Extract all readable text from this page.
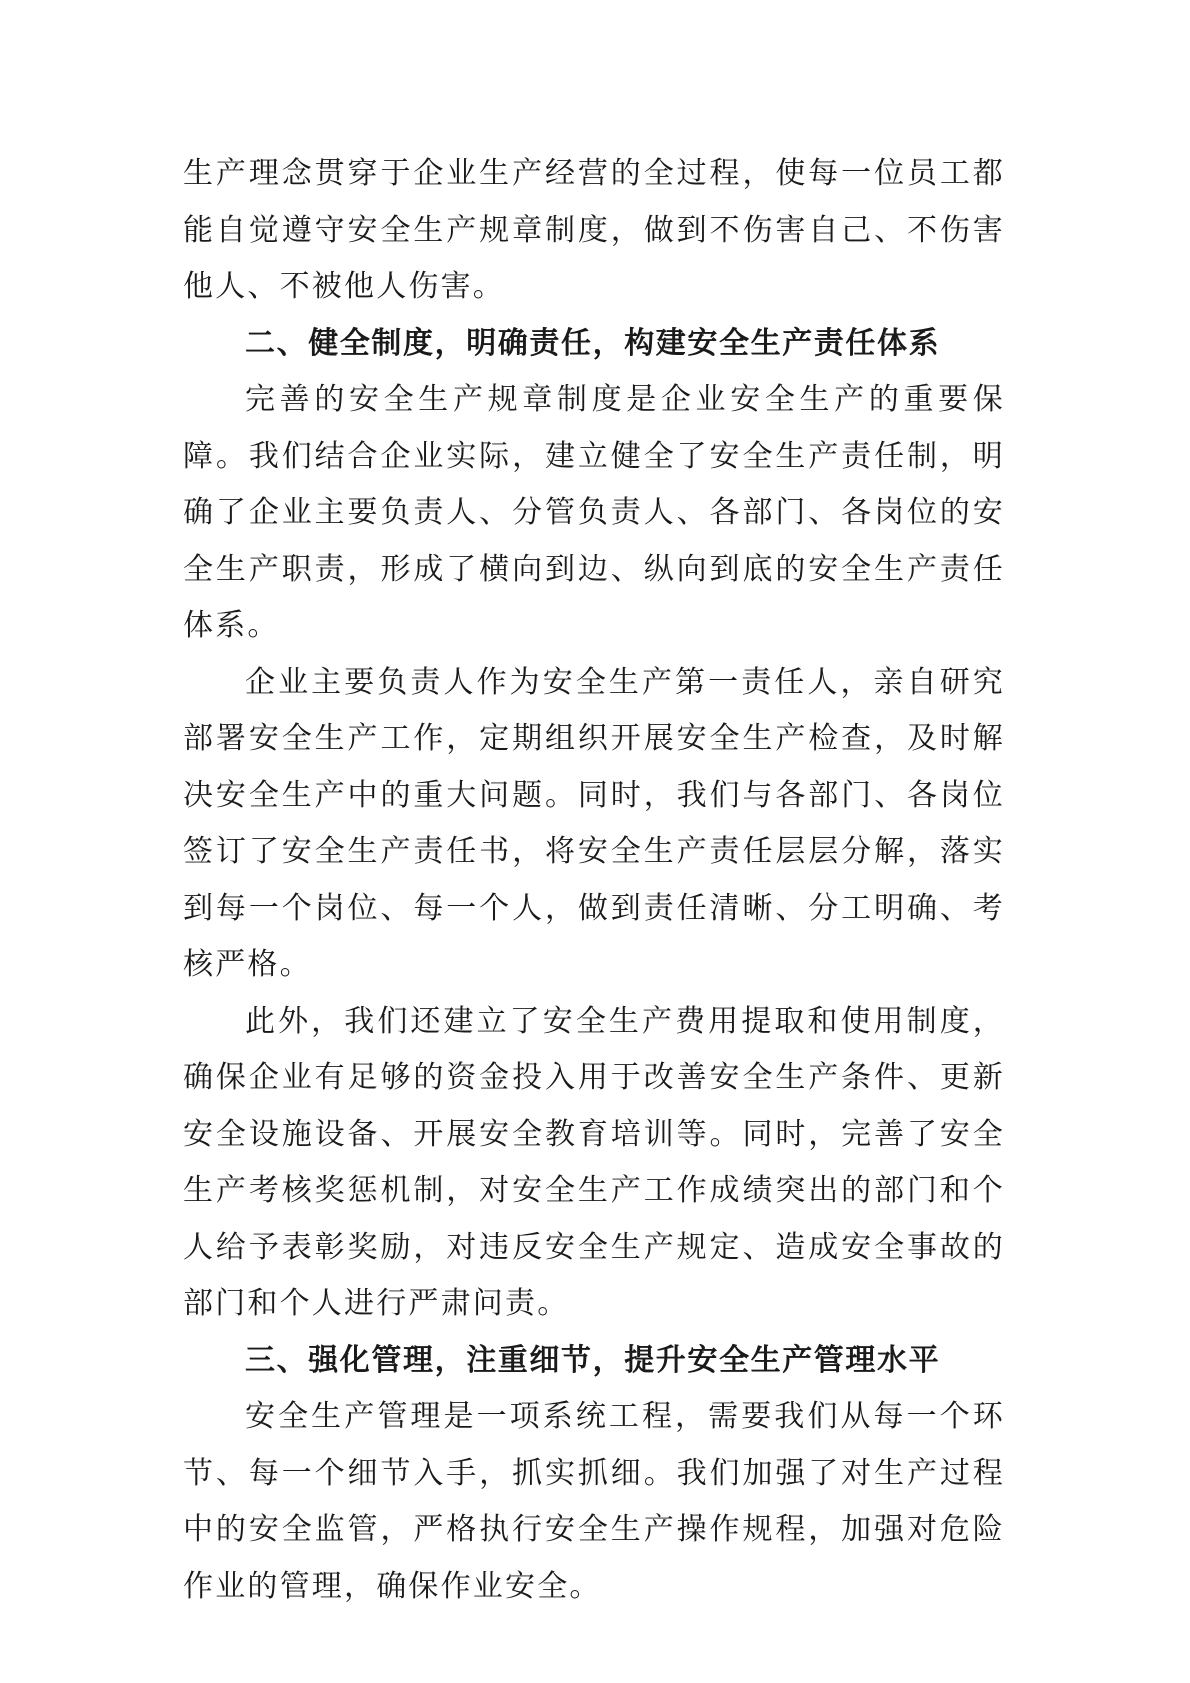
生产理念贯穿于企业生产经营的全过程，使每一位员工都能自觉遵守安全生产规章制度，做到不伤害自己、不伤害他人、不被他人伤害。

二、健全制度，明确责任，构建安全生产责任体系

完善的安全生产规章制度是企业安全生产的重要保障。我们结合企业实际，建立健全了安全生产责任制，明确了企业主要负责人、分管负责人、各部门、各岗位的安全生产职责，形成了横向到边、纵向到底的安全生产责任体系。

企业主要负责人作为安全生产第一责任人，亲自研究部署安全生产工作，定期组织开展安全生产检查，及时解决安全生产中的重大问题。同时，我们与各部门、各岗位签订了安全生产责任书，将安全生产责任层层分解，落实到每一个岗位、每一个人，做到责任清晰、分工明确、考核严格。

此外，我们还建立了安全生产费用提取和使用制度，确保企业有足够的资金投入用于改善安全生产条件、更新安全设施设备、开展安全教育培训等。同时，完善了安全生产考核奖惩机制，对安全生产工作成绩突出的部门和个人给予表彰奖励，对违反安全生产规定、造成安全事故的部门和个人进行严肃问责。

三、强化管理，注重细节，提升安全生产管理水平

安全生产管理是一项系统工程，需要我们从每一个环节、每一个细节入手，抓实抓细。我们加强了对生产过程中的安全监管，严格执行安全生产操作规程，加强对危险作业的管理，确保作业安全。
